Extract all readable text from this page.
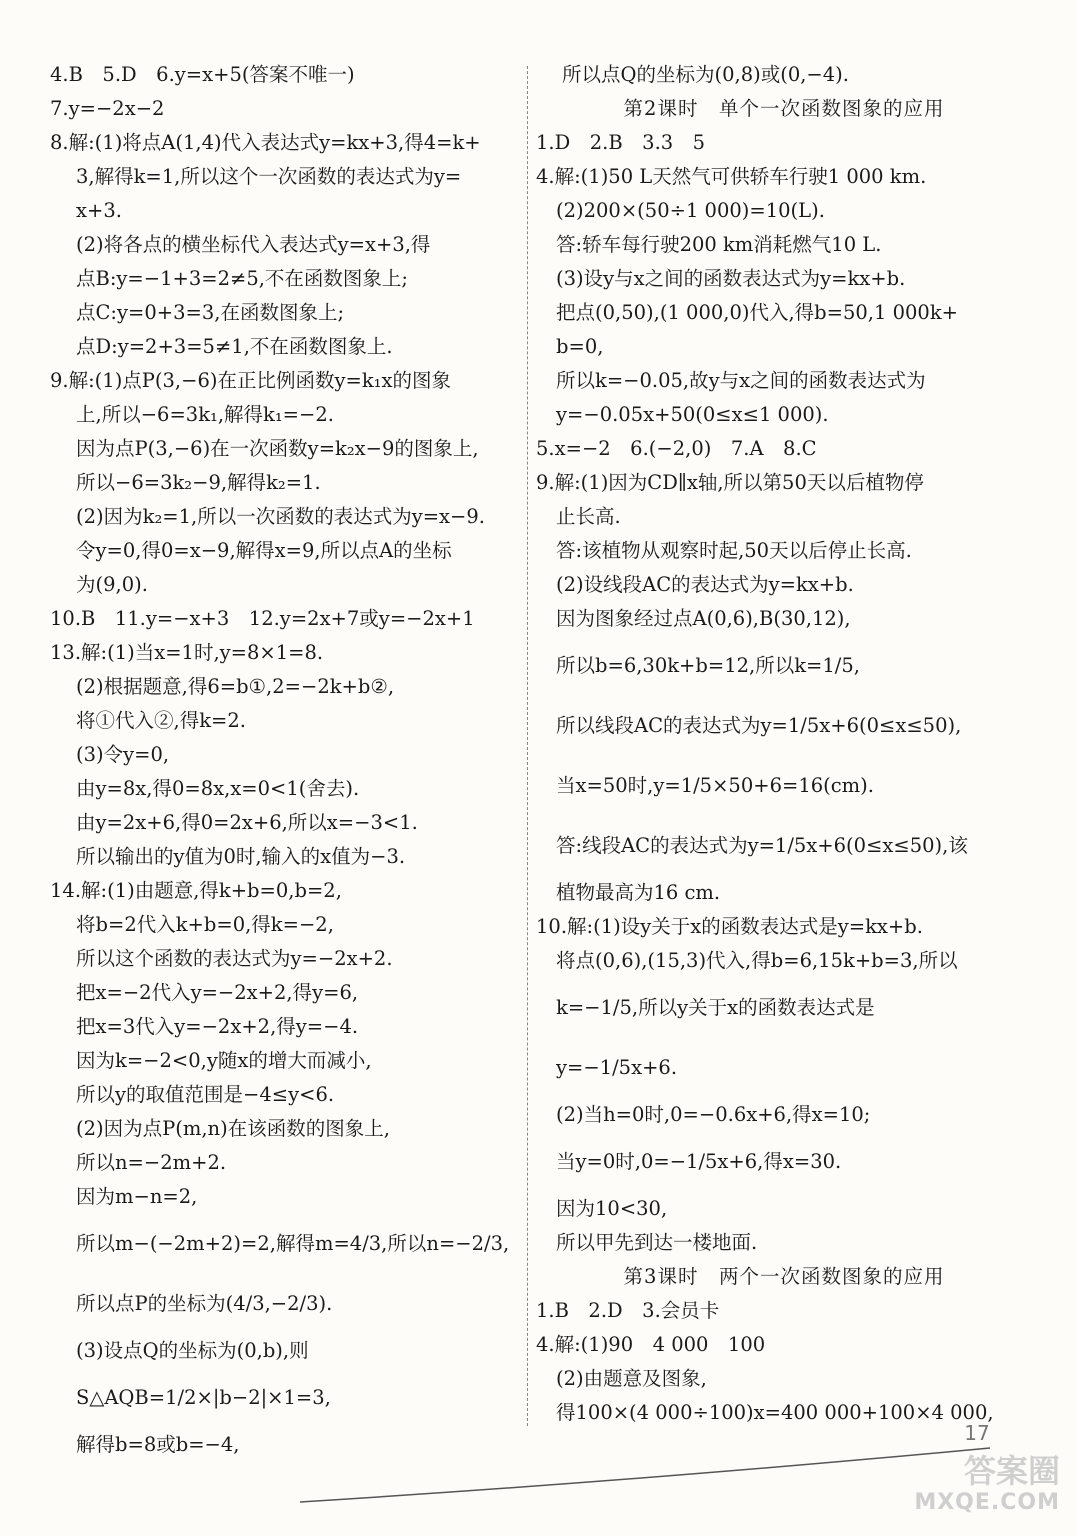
4.B　5.D　6.y=x+5(答案不唯一)
7.y=−2x−2
8.解:(1)将点A(1,4)代入表达式y=kx+3,得4=k+
3,解得k=1,所以这个一次函数的表达式为y=
x+3.
(2)将各点的横坐标代入表达式y=x+3,得
点B:y=−1+3=2≠5,不在函数图象上;
点C:y=0+3=3,在函数图象上;
点D:y=2+3=5≠1,不在函数图象上.
9.解:(1)点P(3,−6)在正比例函数y=k₁x的图象
上,所以−6=3k₁,解得k₁=−2.
因为点P(3,−6)在一次函数y=k₂x−9的图象上,
所以−6=3k₂−9,解得k₂=1.
(2)因为k₂=1,所以一次函数的表达式为y=x−9.
令y=0,得0=x−9,解得x=9,所以点A的坐标
为(9,0).
10.B　11.y=−x+3　12.y=2x+7或y=−2x+1
13.解:(1)当x=1时,y=8×1=8.
(2)根据题意,得6=b①,2=−2k+b②,
将①代入②,得k=2.
(3)令y=0,
由y=8x,得0=8x,x=0<1(舍去).
由y=2x+6,得0=2x+6,所以x=−3<1.
所以输出的y值为0时,输入的x值为−3.
14.解:(1)由题意,得k+b=0,b=2,
将b=2代入k+b=0,得k=−2,
所以这个函数的表达式为y=−2x+2.
把x=−2代入y=−2x+2,得y=6,
把x=3代入y=−2x+2,得y=−4.
因为k=−2<0,y随x的增大而减小,
所以y的取值范围是−4≤y<6.
(2)因为点P(m,n)在该函数的图象上,
所以n=−2m+2.
因为m−n=2,
所以m−(−2m+2)=2,解得m=4/3,所以n=−2/3,
所以点P的坐标为(4/3,−2/3).
(3)设点Q的坐标为(0,b),则
S△AQB=1/2×|b−2|×1=3,
解得b=8或b=−4,
所以点Q的坐标为(0,8)或(0,−4).
第2课时　单个一次函数图象的应用
1.D　2.B　3.3　5
4.解:(1)50 L天然气可供轿车行驶1 000 km.
(2)200×(50÷1 000)=10(L).
答:轿车每行驶200 km消耗燃气10 L.
(3)设y与x之间的函数表达式为y=kx+b.
把点(0,50),(1 000,0)代入,得b=50,1 000k+
b=0,
所以k=−0.05,故y与x之间的函数表达式为
y=−0.05x+50(0≤x≤1 000).
5.x=−2　6.(−2,0)　7.A　8.C
9.解:(1)因为CD∥x轴,所以第50天以后植物停
止长高.
答:该植物从观察时起,50天以后停止长高.
(2)设线段AC的表达式为y=kx+b.
因为图象经过点A(0,6),B(30,12),
所以b=6,30k+b=12,所以k=1/5,
所以线段AC的表达式为y=1/5x+6(0≤x≤50),
当x=50时,y=1/5×50+6=16(cm).
答:线段AC的表达式为y=1/5x+6(0≤x≤50),该
植物最高为16 cm.
10.解:(1)设y关于x的函数表达式是y=kx+b.
将点(0,6),(15,3)代入,得b=6,15k+b=3,所以
k=−1/5,所以y关于x的函数表达式是
y=−1/5x+6.
(2)当h=0时,0=−0.6x+6,得x=10;
当y=0时,0=−1/5x+6,得x=30.
因为10<30,
所以甲先到达一楼地面.
第3课时　两个一次函数图象的应用
1.B　2.D　3.会员卡
4.解:(1)90　4 000　100
(2)由题意及图象,
得100×(4 000÷100)x=400 000+100×4 000,
17
答案圈
MXQE.COM
